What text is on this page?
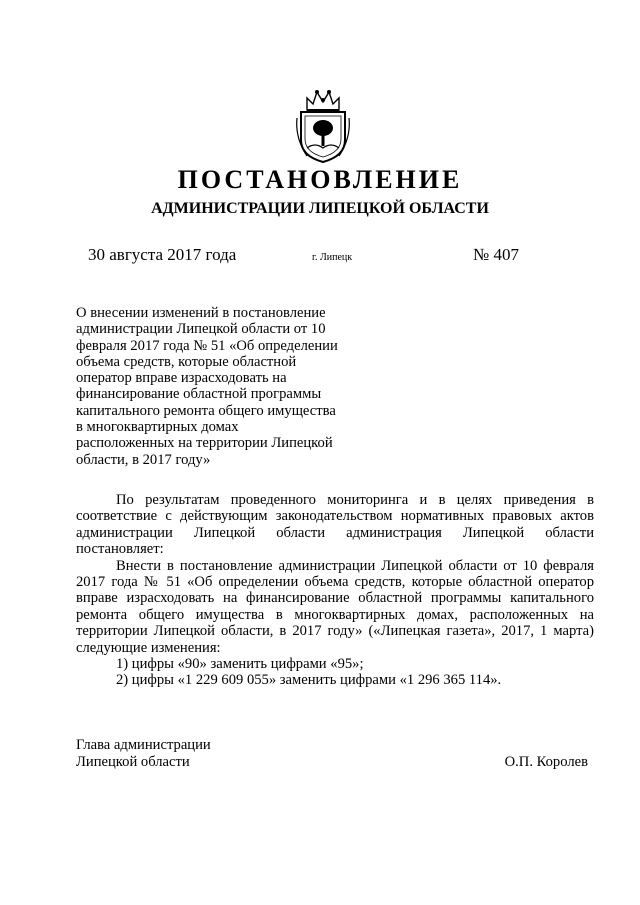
ПОСТАНОВЛЕНИЕ
АДМИНИСТРАЦИИ ЛИПЕЦКОЙ ОБЛАСТИ
30 августа 2017 года	г. Липецк	№ 407
О внесении изменений в постановление
администрации Липецкой области от 10
февраля 2017 года № 51 «Об определении
объема средств, которые областной
оператор вправе израсходовать на
финансирование областной программы
капитального ремонта общего имущества
в многоквартирных домах
расположенных на территории Липецкой
области, в 2017 году»

По результатам проведенного мониторинга и в целях приведения в соответствие с действующим законодательством нормативных правовых актов администрации Липецкой области администрация Липецкой области постановляет:

Внести в постановление администрации Липецкой области от 10 февраля 2017 года № 51 «Об определении объема средств, которые областной оператор вправе израсходовать на финансирование областной программы капитального ремонта общего имущества в многоквартирных домах, расположенных на территории Липецкой области, в 2017 году» («Липецкая газета», 2017, 1 марта) следующие изменения:

1) цифры «90» заменить цифрами «95»;

2) цифры «1 229 609 055» заменить цифрами «1 296 365 114».

Глава администрации
Липецкой области	О.П. Королев
